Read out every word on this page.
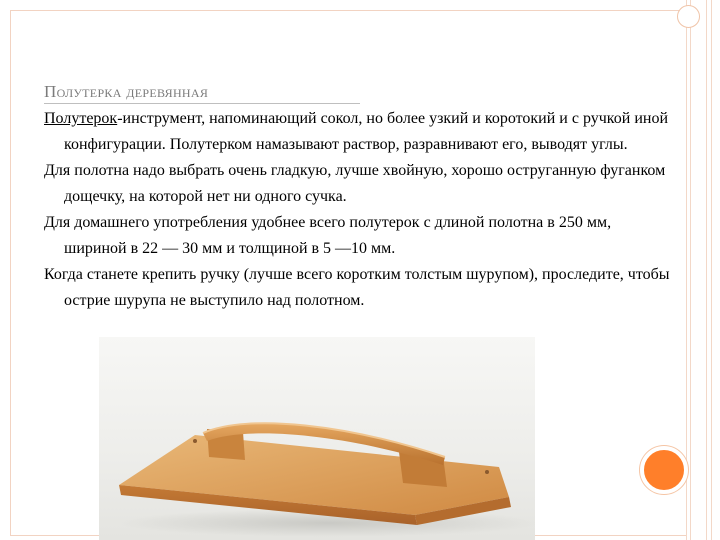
Полутерка деревянная

Полутерок-инструмент, напоминающий сокол, но более узкий и коротокий и с ручкой иной конфигурации. Полутерком намазывают раствор, разравнивают его, выводят углы.

Для полотна надо выбрать очень гладкую, лучше хвойную, хорошо оструганную фуганком дощечку, на которой нет ни одного сучка.

Для домашнего употребления удобнее всего полутерок с длиной полотна в 250 мм, шириной в 22 — 30 мм и толщиной в 5 —10 мм.

Когда станете крепить ручку (лучше всего коротким толстым шурупом), проследите, чтобы острие шурупа не выступило над полотном.
